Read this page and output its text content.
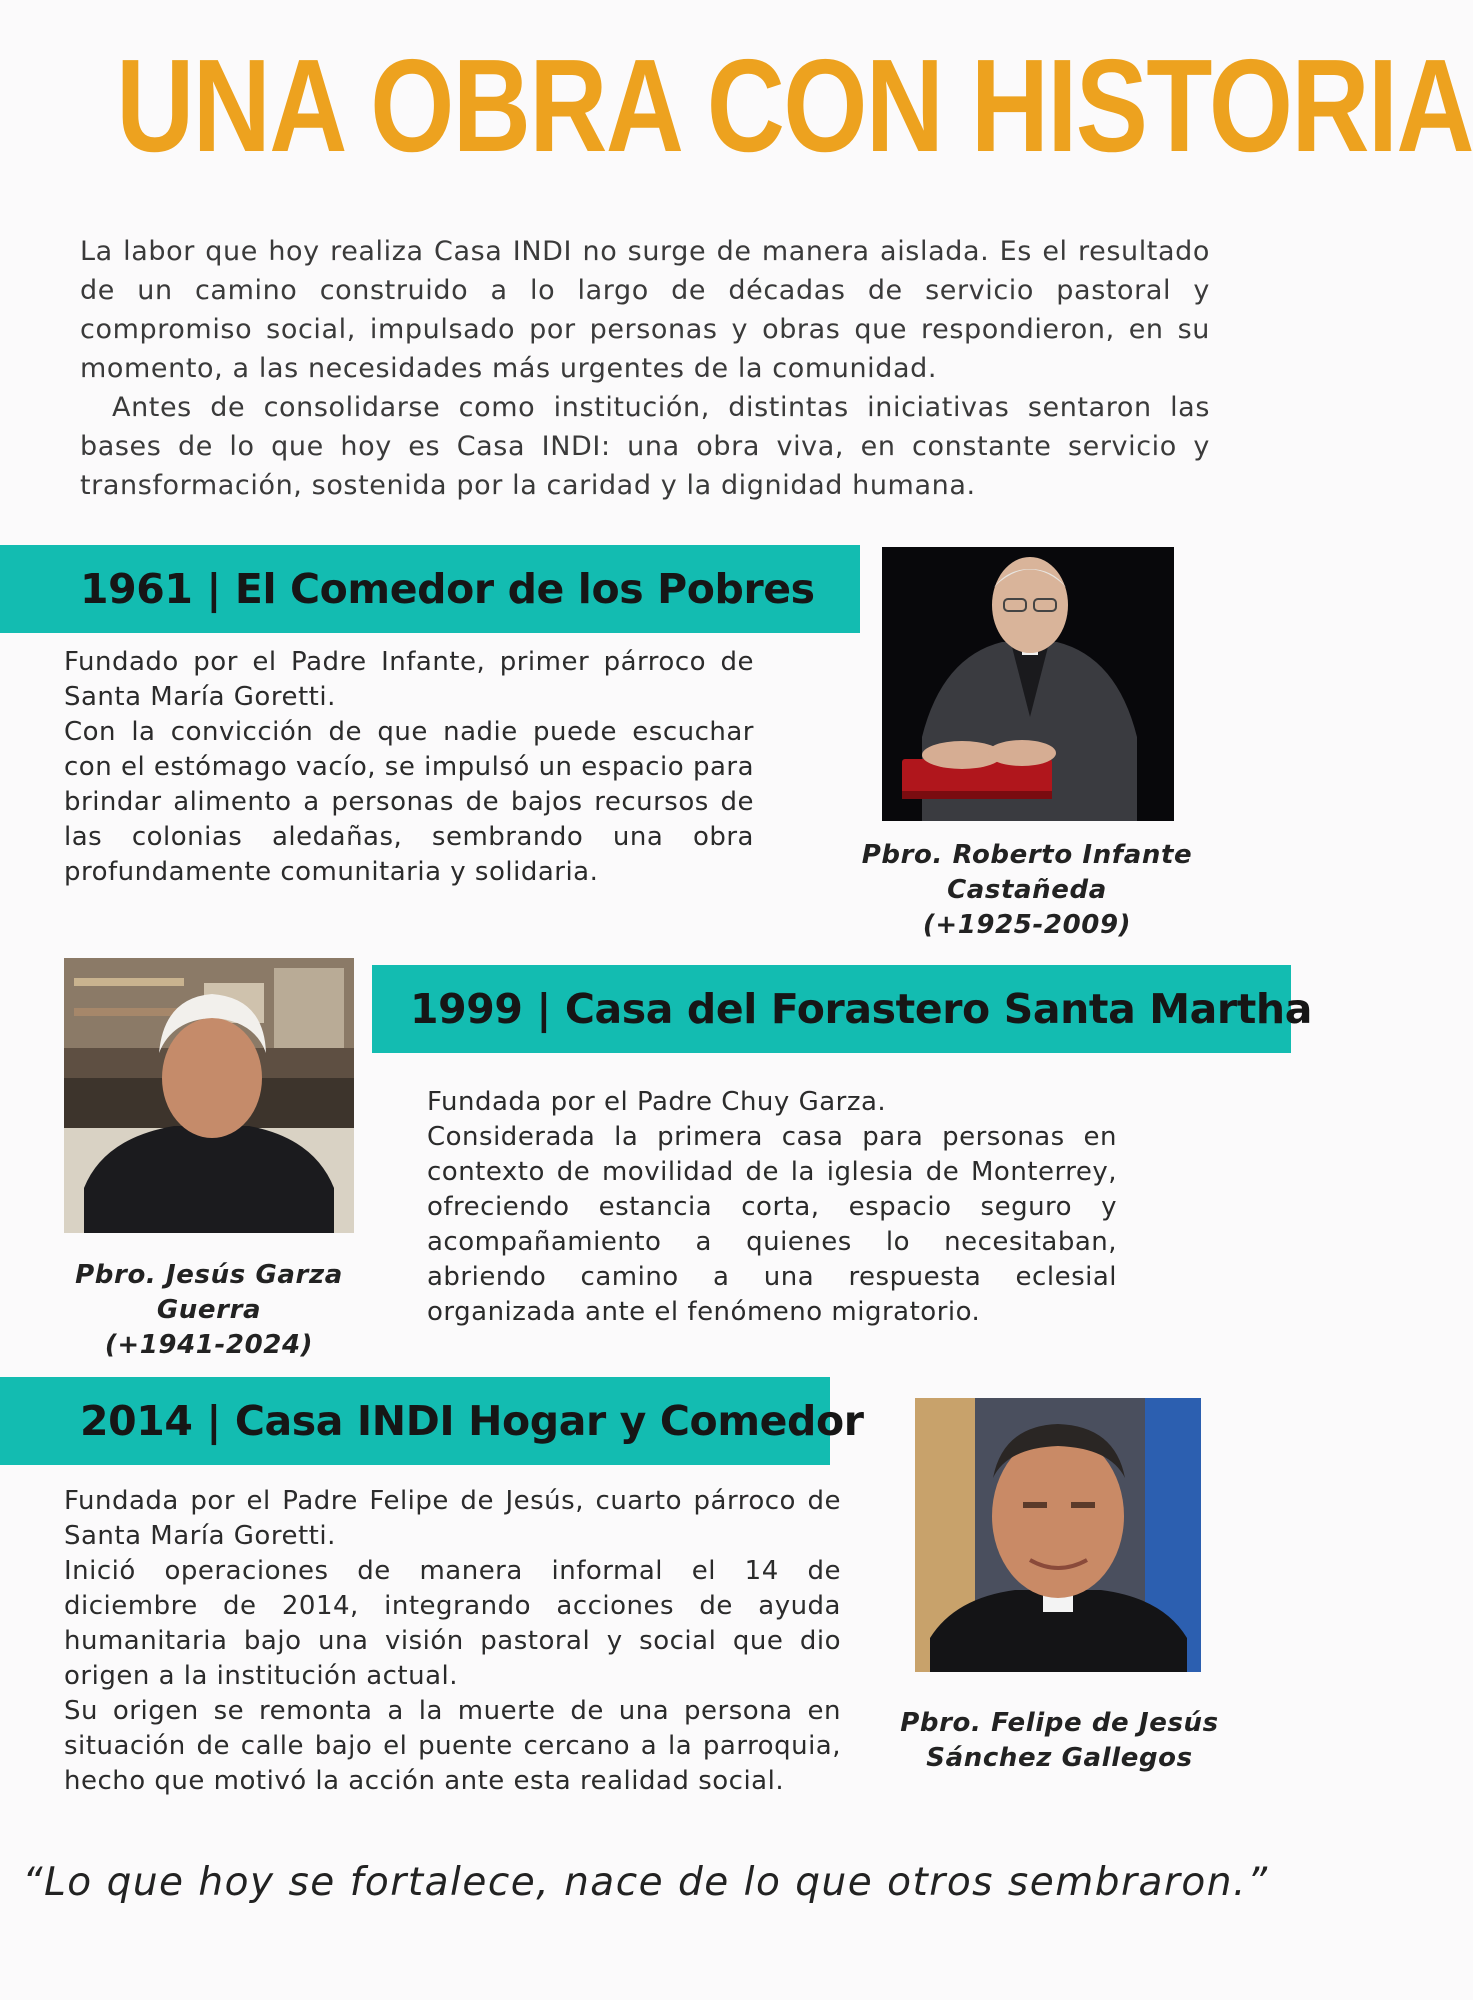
UNA OBRA CON HISTORIA

La labor que hoy realiza Casa INDI no surge de manera aislada. Es el resultado de un camino construido a lo largo de décadas de servicio pastoral y compromiso social, impulsado por personas y obras que respondieron, en su momento, a las necesidades más urgentes de la comunidad.

Antes de consolidarse como institución, distintas iniciativas sentaron las bases de lo que hoy es Casa INDI: una obra viva, en constante servicio y transformación, sostenida por la caridad y la dignidad humana.

1961 | El Comedor de los Pobres

Fundado por el Padre Infante, primer párroco de Santa María Goretti.

Con la convicción de que nadie puede escuchar con el estómago vacío, se impulsó un espacio para brindar alimento a personas de bajos recursos de las colonias aledañas, sembrando una obra profundamente comunitaria y solidaria.

Pbro. Roberto Infante Castañeda
(+1925-2009)
1999 | Casa del Forastero Santa Martha

Fundada por el Padre Chuy Garza.

Considerada la primera casa para personas en contexto de movilidad de la iglesia de Monterrey, ofreciendo estancia corta, espacio seguro y acompañamiento a quienes lo necesitaban, abriendo camino a una respuesta eclesial organizada ante el fenómeno migratorio.

Pbro. Jesús Garza Guerra
(+1941-2024)
2014 | Casa INDI Hogar y Comedor

Fundada por el Padre Felipe de Jesús, cuarto párroco de Santa María Goretti.

Inició operaciones de manera informal el 14 de diciembre de 2014, integrando acciones de ayuda humanitaria bajo una visión pastoral y social que dio origen a la institución actual.

Su origen se remonta a la muerte de una persona en situación de calle bajo el puente cercano a la parroquia, hecho que motivó la acción ante esta realidad social.

Pbro. Felipe de Jesús
Sánchez Gallegos
“Lo que hoy se fortalece, nace de lo que otros sembraron.”
